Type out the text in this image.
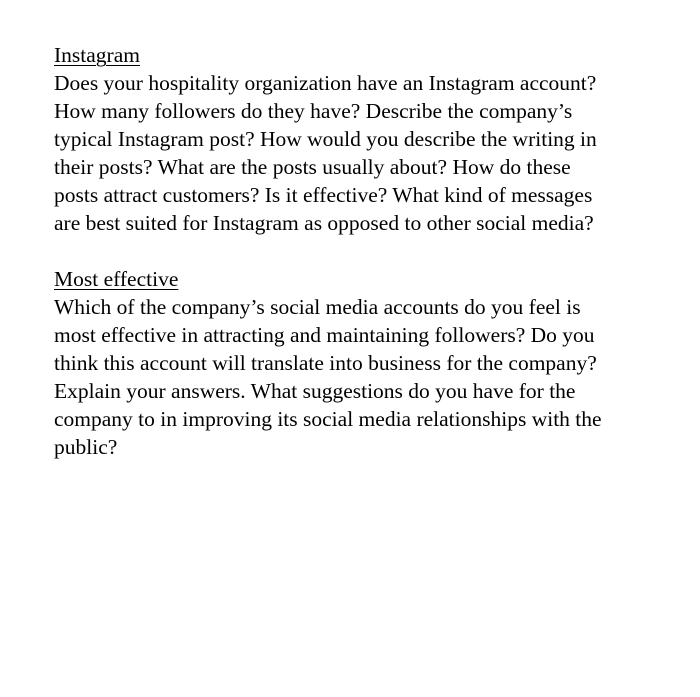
Instagram
Does your hospitality organization have an Instagram account?
How many followers do they have? Describe the company’s
typical Instagram post? How would you describe the writing in
their posts? What are the posts usually about? How do these
posts attract customers? Is it effective? What kind of messages
are best suited for Instagram as opposed to other social media?
Most effective
Which of the company’s social media accounts do you feel is
most effective in attracting and maintaining followers? Do you
think this account will translate into business for the company?
Explain your answers. What suggestions do you have for the
company to in improving its social media relationships with the
public?
